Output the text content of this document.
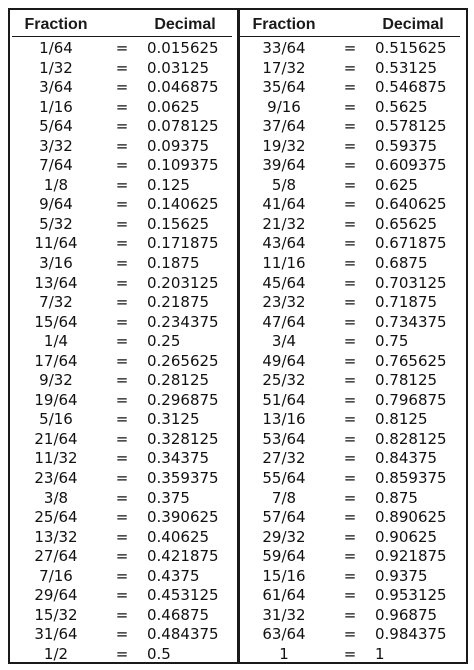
Fraction	Decimal
1/64	= 0.015625
1/32	= 0.03125
3/64	= 0.046875
1/16	= 0.0625
5/64	= 0.078125
3/32	= 0.09375
7/64	= 0.109375
1/8	= 0.125
9/64	= 0.140625
5/32	= 0.15625
11/64	= 0.171875
3/16	= 0.1875
13/64	= 0.203125
7/32	= 0.21875
15/64	= 0.234375
1/4	= 0.25
17/64	= 0.265625
9/32	= 0.28125
19/64	= 0.296875
5/16	= 0.3125
21/64	= 0.328125
11/32	= 0.34375
23/64	= 0.359375
3/8	= 0.375
25/64	= 0.390625
13/32	= 0.40625
27/64	= 0.421875
7/16	= 0.4375
29/64	= 0.453125
15/32	= 0.46875
31/64	= 0.484375
1/2	= 0.5
Fraction	Decimal
33/64	= 0.515625
17/32	= 0.53125
35/64	= 0.546875
9/16	= 0.5625
37/64	= 0.578125
19/32	= 0.59375
39/64	= 0.609375
5/8	= 0.625
41/64	= 0.640625
21/32	= 0.65625
43/64	= 0.671875
11/16	= 0.6875
45/64	= 0.703125
23/32	= 0.71875
47/64	= 0.734375
3/4	= 0.75
49/64	= 0.765625
25/32	= 0.78125
51/64	= 0.796875
13/16	= 0.8125
53/64	= 0.828125
27/32	= 0.84375
55/64	= 0.859375
7/8	= 0.875
57/64	= 0.890625
29/32	= 0.90625
59/64	= 0.921875
15/16	= 0.9375
61/64	= 0.953125
31/32	= 0.96875
63/64	= 0.984375
1	= 1
